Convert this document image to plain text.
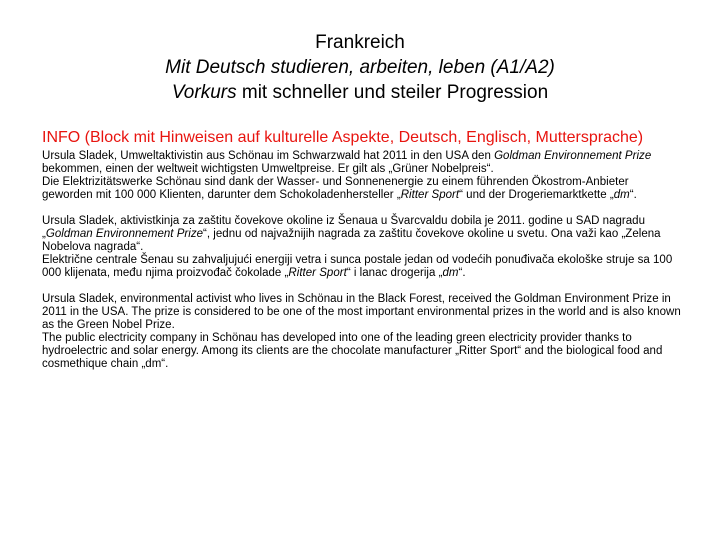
Frankreich
Mit Deutsch studieren, arbeiten, leben (A1/A2)
Vorkurs mit schneller und steiler Progression
INFO (Block mit Hinweisen auf kulturelle Aspekte, Deutsch, Englisch, Muttersprache)

Ursula Sladek, Umweltaktivistin aus Schönau im Schwarzwald hat 2011 in den USA den Goldman Environnement Prize bekommen, einen der weltweit wichtigsten Umweltpreise. Er gilt als „Grüner Nobelpreis“.

Die Elektrizitätswerke Schönau sind dank der Wasser- und Sonnenenergie zu einem führenden Ökostrom-Anbieter geworden mit 100 000 Klienten, darunter dem Schokoladenhersteller „Ritter Sport“ und der Drogeriemarktkette „dm“.

Ursula Sladek, aktivistkinja za zaštitu čovekove okoline iz Šenaua u Švarcvaldu dobila je 2011. godine u SAD nagradu „Goldman Environnement Prize“, jednu od najvažnijih nagrada za zaštitu čovekove okoline u svetu. Ona važi kao „Zelena Nobelova nagrada“.

Električne centrale Šenau su zahvaljujući energiji vetra i sunca postale jedan od vodećih ponuđivača ekološke struje sa 100 000 klijenata, među njima proizvođač čokolade „Ritter Sport“ i lanac drogerija „dm“.

Ursula Sladek, environmental activist who lives in Schönau in the Black Forest, received the Goldman Environment Prize in 2011 in the USA. The prize is considered to be one of the most important environmental prizes in the world and is also known as the Green Nobel Prize.

The public electricity company in Schönau has developed into one of the leading green electricity provider thanks to hydroelectric and solar energy. Among its clients are the chocolate manufacturer „Ritter Sport“ and the biological food and cosmethique chain „dm“.
